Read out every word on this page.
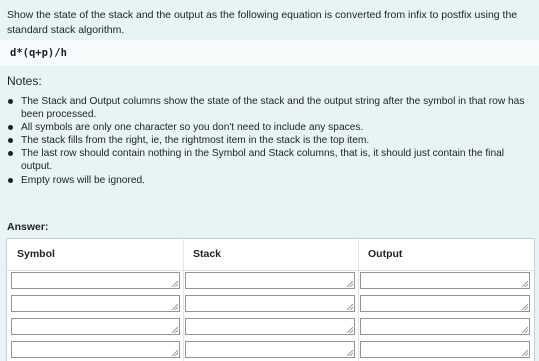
Show the state of the stack and the output as the following equation is converted from infix to postfix using the standard stack algorithm.
d*(q+p)/h
Notes:
The Stack and Output columns show the state of the stack and the output string after the symbol in that row has been processed.
All symbols are only one character so you don't need to include any spaces.
The stack fills from the right, ie, the rightmost item in the stack is the top item.
The last row should contain nothing in the Symbol and Stack columns, that is, it should just contain the final output.
Empty rows will be ignored.
Answer:
Symbol	Stack	Output
